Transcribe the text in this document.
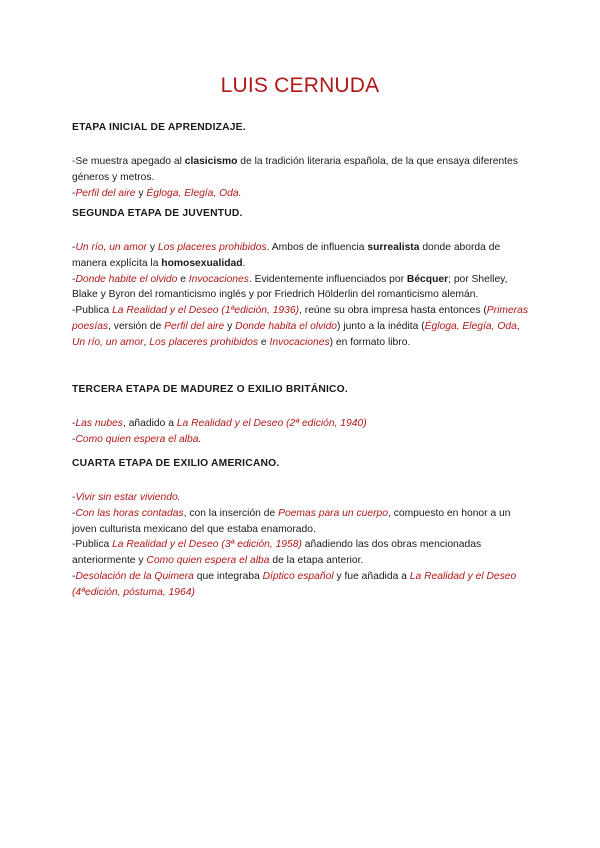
LUIS CERNUDA

ETAPA INICIAL DE APRENDIZAJE.

-Se muestra apegado al clasicismo de la tradición literaria española, de la que ensaya diferentes géneros y metros.

-Perfil del aire y Égloga, Elegía, Oda.

SEGUNDA ETAPA DE JUVENTUD.

-Un río, un amor y Los placeres prohibidos. Ambos de influencia surrealista donde aborda de manera explícita la homosexualidad.

-Donde habite el olvido e Invocaciones. Evidentemente influenciados por Bécquer; por Shelley, Blake y Byron del romanticismo inglés y por Friedrich Hölderlin del romanticismo alemán.

-Publica La Realidad y el Deseo (1ªedición, 1936), reúne su obra impresa hasta entonces (Primeras poesías, versión de Perfil del aire y Donde habita el olvido) junto a la inédita (Égloga, Elegía, Oda, Un río, un amor, Los placeres prohibidos e Invocaciones) en formato libro.

TERCERA ETAPA DE MADUREZ O EXILIO BRITÁNICO.

-Las nubes, añadido a La Realidad y el Deseo (2ª edición, 1940)

-Como quien espera el alba.

CUARTA ETAPA DE EXILIO AMERICANO.

-Vivir sin estar viviendo.

-Con las horas contadas, con la inserción de Poemas para un cuerpo, compuesto en honor a un joven culturista mexicano del que estaba enamorado.

-Publica La Realidad y el Deseo (3ª edición, 1958) añadiendo las dos obras mencionadas anteriormente y Como quien espera el alba de la etapa anterior.

-Desolación de la Quimera que integraba Díptico español y fue añadida a La Realidad y el Deseo (4ªedición, póstuma, 1964)
